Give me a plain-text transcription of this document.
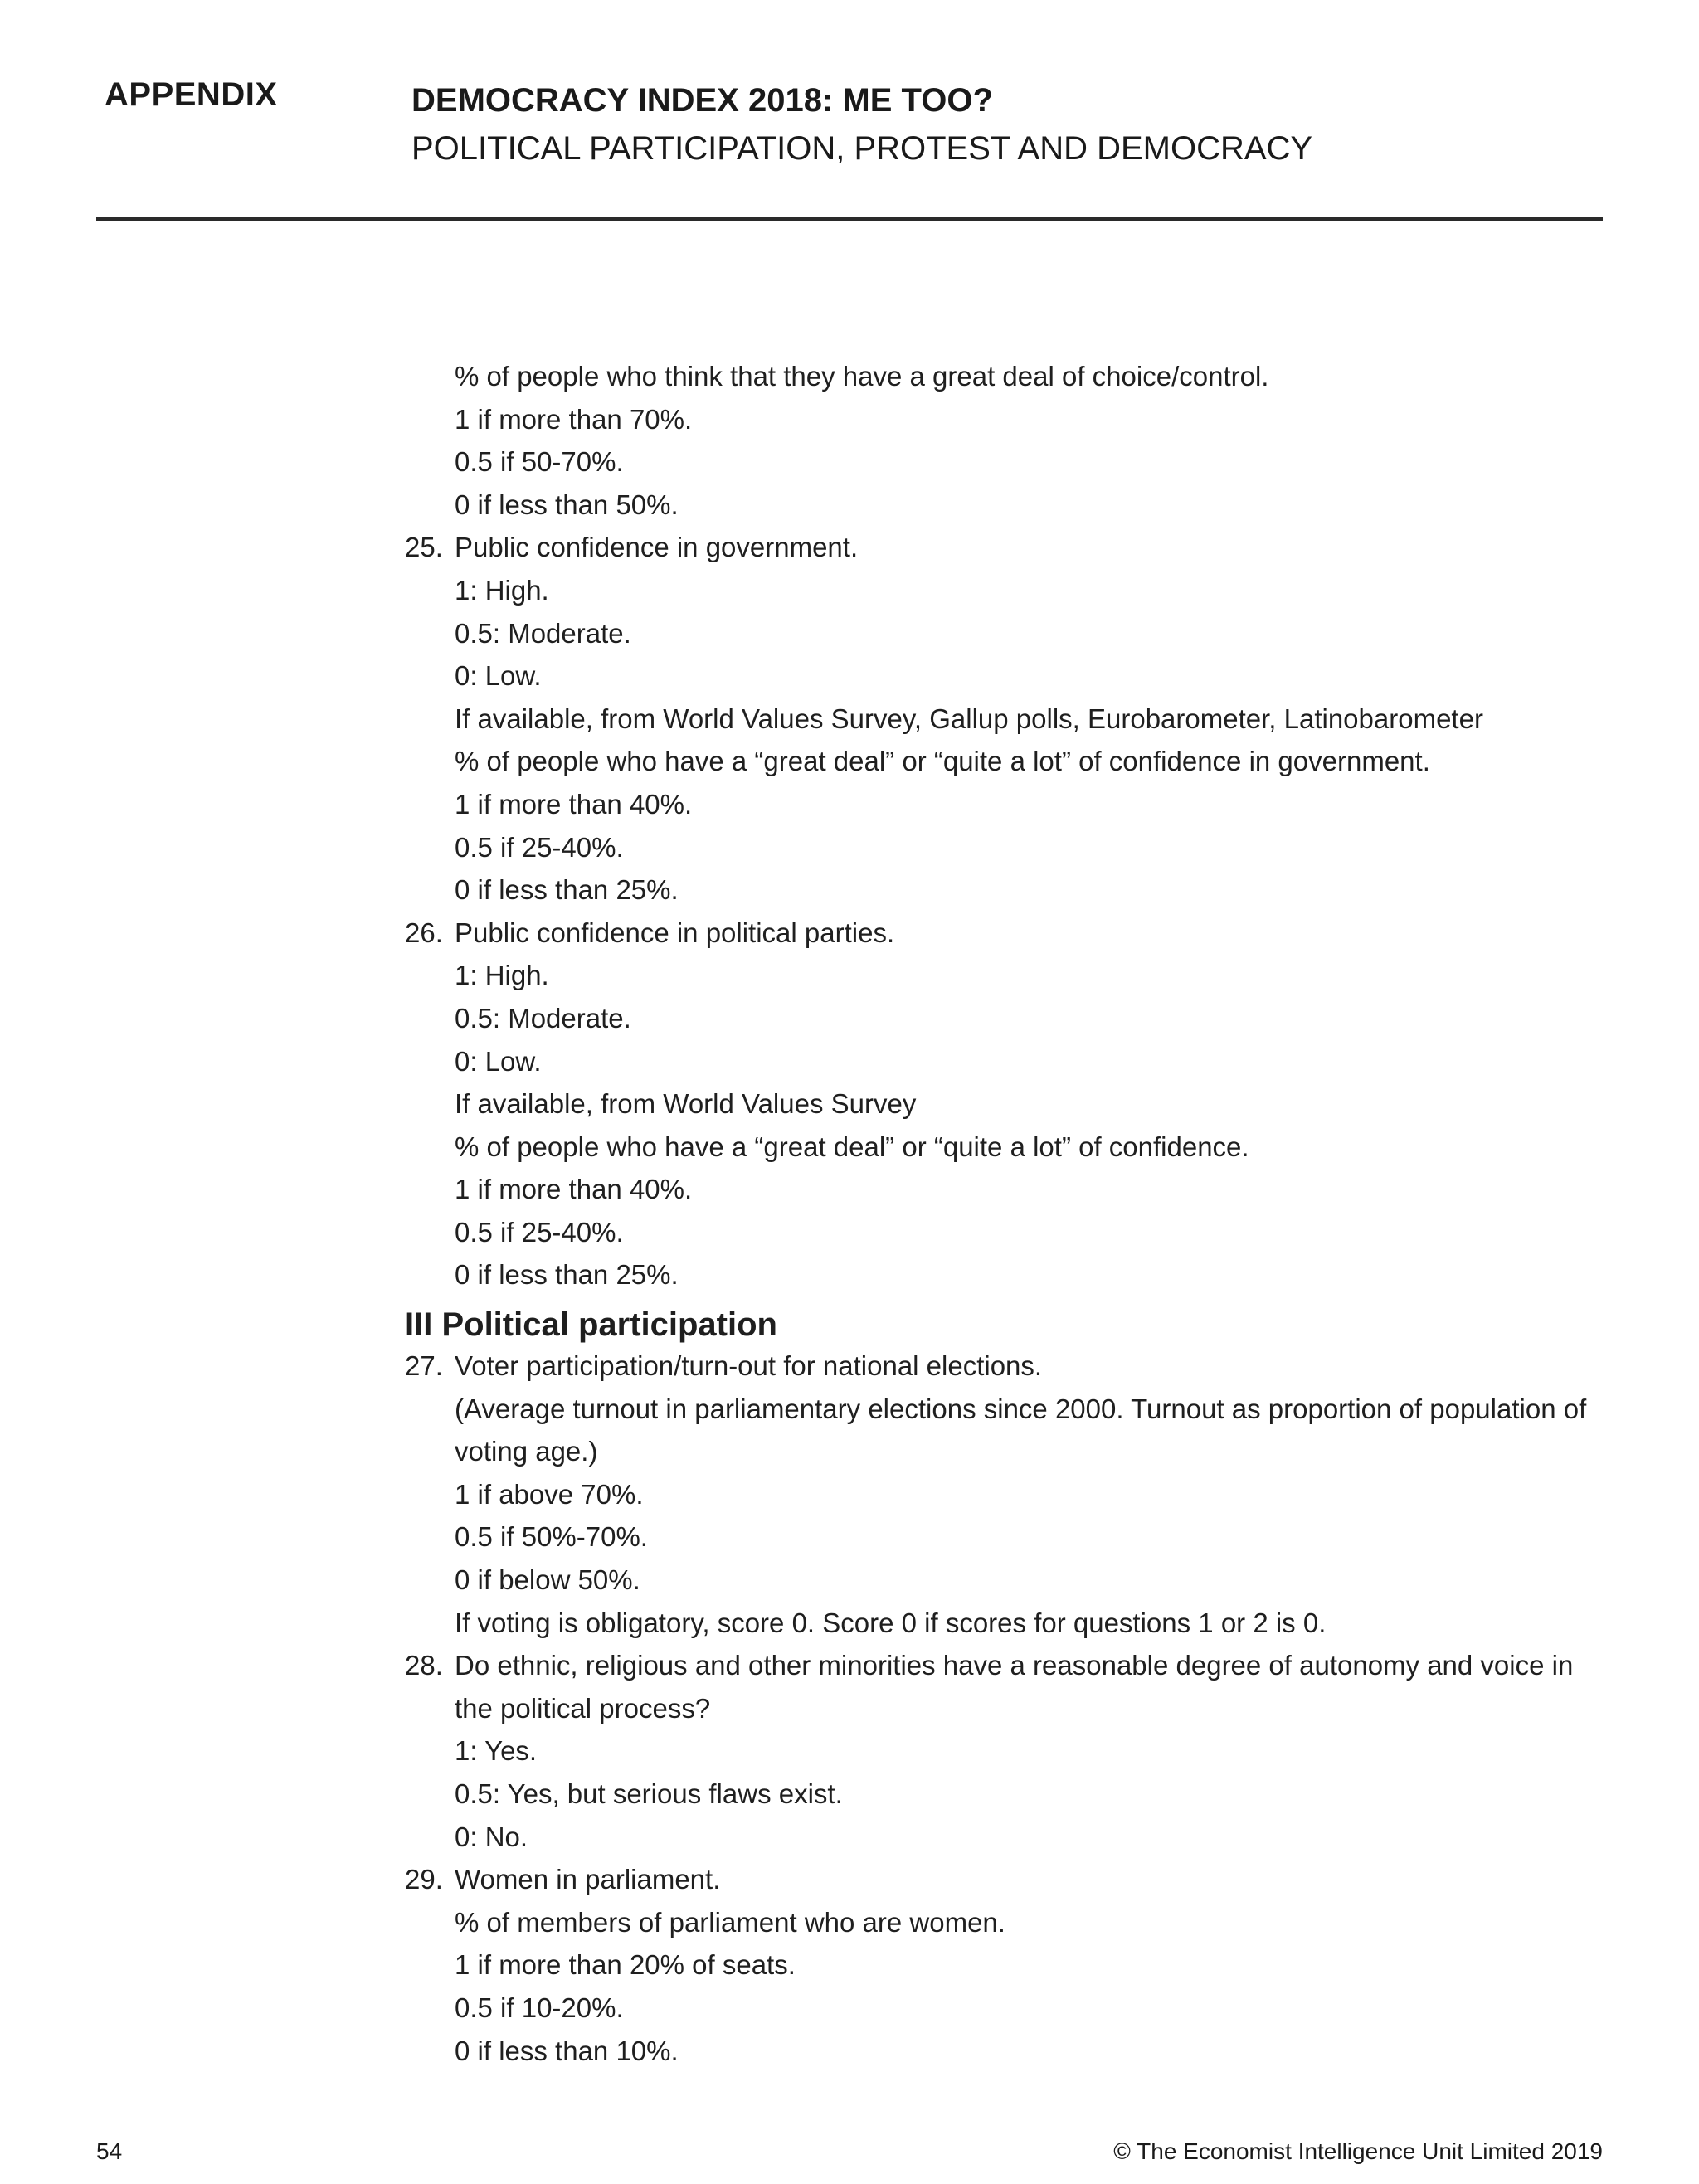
APPENDIX	DEMOCRACY INDEX 2018: ME TOO?
POLITICAL PARTICIPATION, PROTEST AND DEMOCRACY
% of people who think that they have a great deal of choice/control.
1 if more than 70%.
0.5 if 50-70%.
0 if less than 50%.
25. Public confidence in government.
1: High.
0.5: Moderate.
0: Low.
If available, from World Values Survey, Gallup polls, Eurobarometer, Latinobarometer
% of people who have a “great deal” or “quite a lot” of confidence in government.
1 if more than 40%.
0.5 if 25-40%.
0 if less than 25%.
26. Public confidence in political parties.
1: High.
0.5: Moderate.
0: Low.
If available, from World Values Survey
% of people who have a “great deal” or “quite a lot” of confidence.
1 if more than 40%.
0.5 if 25-40%.
0 if less than 25%.
III Political participation
27. Voter participation/turn-out for national elections.
(Average turnout in parliamentary elections since 2000. Turnout as proportion of population of voting age.)
1 if above 70%.
0.5 if 50%-70%.
0 if below 50%.
If voting is obligatory, score 0. Score 0 if scores for questions 1 or 2 is 0.
28. Do ethnic, religious and other minorities have a reasonable degree of autonomy and voice in the political process?
1: Yes.
0.5: Yes, but serious flaws exist.
0: No.
29. Women in parliament.
% of members of parliament who are women.
1 if more than 20% of seats.
0.5 if 10-20%.
0 if less than 10%.
54	© The Economist Intelligence Unit Limited 2019
